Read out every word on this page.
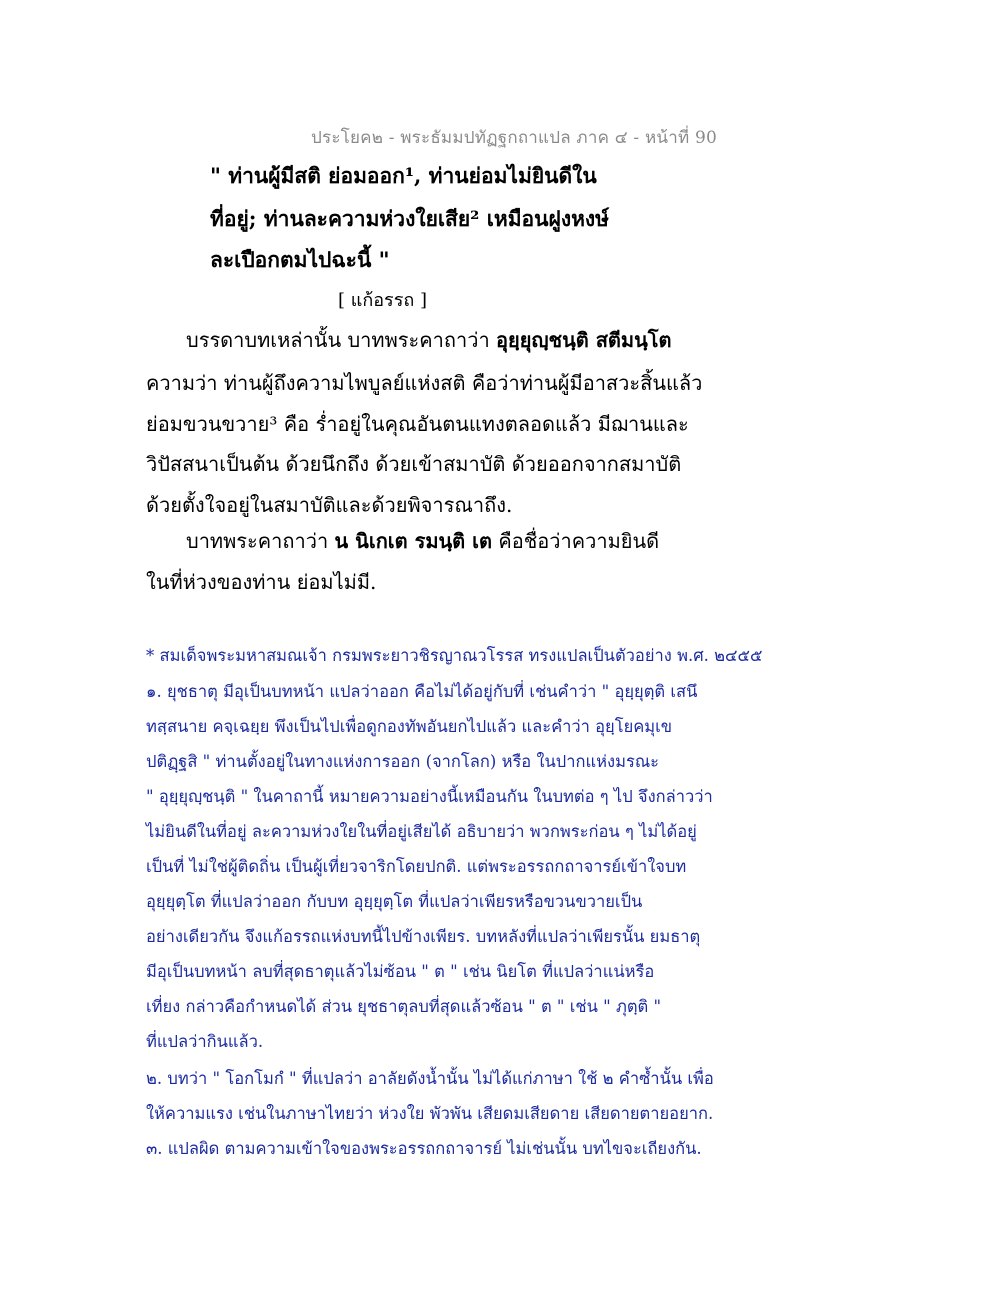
ประโยค๒ - พระธัมมปทัฏฐกถาแปล ภาค ๔ - หน้าที่ 90
" ท่านผู้มีสติ ย่อมออก¹, ท่านย่อมไม่ยินดีใน
ที่อยู่; ท่านละความห่วงใยเสีย² เหมือนฝูงหงษ์
ละเปือกตมไปฉะนี้ "
[ แก้อรรถ ]
บรรดาบทเหล่านั้น บาทพระคาถาว่า อุยฺยุญฺชนฺติ สตีมนฺโต
ความว่า ท่านผู้ถึงความไพบูลย์แห่งสติ คือว่าท่านผู้มีอาสวะสิ้นแล้ว
ย่อมขวนขวาย³ คือ ร่ำอยู่ในคุณอันตนแทงตลอดแล้ว มีฌานและ
วิปัสสนาเป็นต้น ด้วยนึกถึง ด้วยเข้าสมาบัติ ด้วยออกจากสมาบัติ
ด้วยตั้งใจอยู่ในสมาบัติและด้วยพิจารณาถึง.
บาทพระคาถาว่า น นิเกเต รมนฺติ เต คือชื่อว่าความยินดี
ในที่ห่วงของท่าน ย่อมไม่มี.
* สมเด็จพระมหาสมณเจ้า กรมพระยาวชิรญาณวโรรส ทรงแปลเป็นตัวอย่าง พ.ศ. ๒๔๕๕
๑. ยุชธาตุ มีอุเป็นบทหน้า แปลว่าออก คือไม่ได้อยู่กับที่ เช่นคำว่า " อุยฺยุตฺติ เสนึ
ทสฺสนาย คจฺเฉยฺย พึงเป็นไปเพื่อดูกองทัพอันยกไปแล้ว และคำว่า อุยฺโยคมุเข
ปติฏฺฐสิ " ท่านตั้งอยู่ในทางแห่งการออก (จากโลก) หรือ ในปากแห่งมรณะ
" อุยฺยุญฺชนฺติ " ในคาถานี้ หมายความอย่างนี้เหมือนกัน ในบทต่อ ๆ ไป จึงกล่าวว่า
ไม่ยินดีในที่อยู่ ละความห่วงใยในที่อยู่เสียได้ อธิบายว่า พวกพระก่อน ๆ ไม่ได้อยู่
เป็นที่ ไม่ใช่ผู้ติดถิ่น เป็นผู้เที่ยวจาริกโดยปกติ. แต่พระอรรถกถาจารย์เข้าใจบท
อุยฺยุตฺโต ที่แปลว่าออก กับบท อุยฺยุตฺโต ที่แปลว่าเพียรหรือขวนขวายเป็น
อย่างเดียวกัน จึงแก้อรรถแห่งบทนี้ไปข้างเพียร. บทหลังที่แปลว่าเพียรนั้น ยมธาตุ
มีอุเป็นบทหน้า ลบที่สุดธาตุแล้วไม่ซ้อน " ต " เช่น นิยโต ที่แปลว่าแน่หรือ
เที่ยง กล่าวคือกำหนดได้ ส่วน ยุชธาตุลบที่สุดแล้วซ้อน " ต " เช่น " ภุตฺติ "
ที่แปลว่ากินแล้ว.
๒. บทว่า " โอกโมกํ " ที่แปลว่า อาลัยดังน้ำนั้น ไม่ได้แก่ภาษา ใช้ ๒ คำซ้ำนั้น เพื่อ
ให้ความแรง เช่นในภาษาไทยว่า ห่วงใย พัวพัน เสียดมเสียดาย เสียดายตายอยาก.
๓. แปลผิด ตามความเข้าใจของพระอรรถกถาจารย์ ไม่เช่นนั้น บทไขจะเถียงกัน.
